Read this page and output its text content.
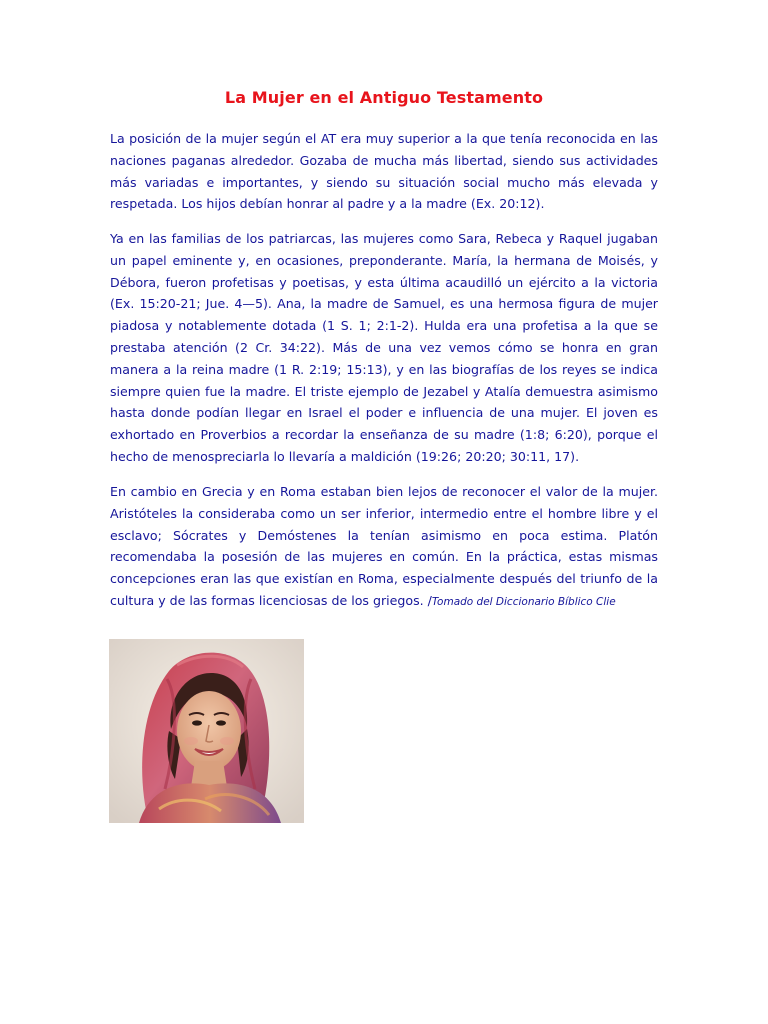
La Mujer en el Antiguo Testamento

La posición de la mujer según el AT era muy superior a la que tenía reconocida en las naciones paganas alrededor. Gozaba de mucha más libertad, siendo sus actividades más variadas e importantes, y siendo su situación social mucho más elevada y respetada. Los hijos debían honrar al padre y a la madre (Ex. 20:12).

Ya en las familias de los patriarcas, las mujeres como Sara, Rebeca y Raquel jugaban un papel eminente y, en ocasiones, preponderante. María, la hermana de Moisés, y Débora, fueron profetisas y poetisas, y esta última acaudilló un ejército a la victoria (Ex. 15:20-21; Jue. 4—5). Ana, la madre de Samuel, es una hermosa figura de mujer piadosa y notablemente dotada (1 S. 1; 2:1-2). Hulda era una profetisa a la que se prestaba atención (2 Cr. 34:22). Más de una vez vemos cómo se honra en gran manera a la reina madre (1 R. 2:19; 15:13), y en las biografías de los reyes se indica siempre quien fue la madre. El triste ejemplo de Jezabel y Atalía demuestra asimismo hasta donde podían llegar en Israel el poder e influencia de una mujer. El joven es exhortado en Proverbios a recordar la enseñanza de su madre (1:8; 6:20), porque el hecho de menospreciarla lo llevaría a maldición (19:26; 20:20; 30:11, 17).

En cambio en Grecia y en Roma estaban bien lejos de reconocer el valor de la mujer. Aristóteles la consideraba como un ser inferior, intermedio entre el hombre libre y el esclavo; Sócrates y Demóstenes la tenían asimismo en poca estima. Platón recomendaba la posesión de las mujeres en común. En la práctica, estas mismas concepciones eran las que existían en Roma, especialmente después del triunfo de la cultura y de las formas licenciosas de los griegos. /Tomado del Diccionario Bíblico Clie
